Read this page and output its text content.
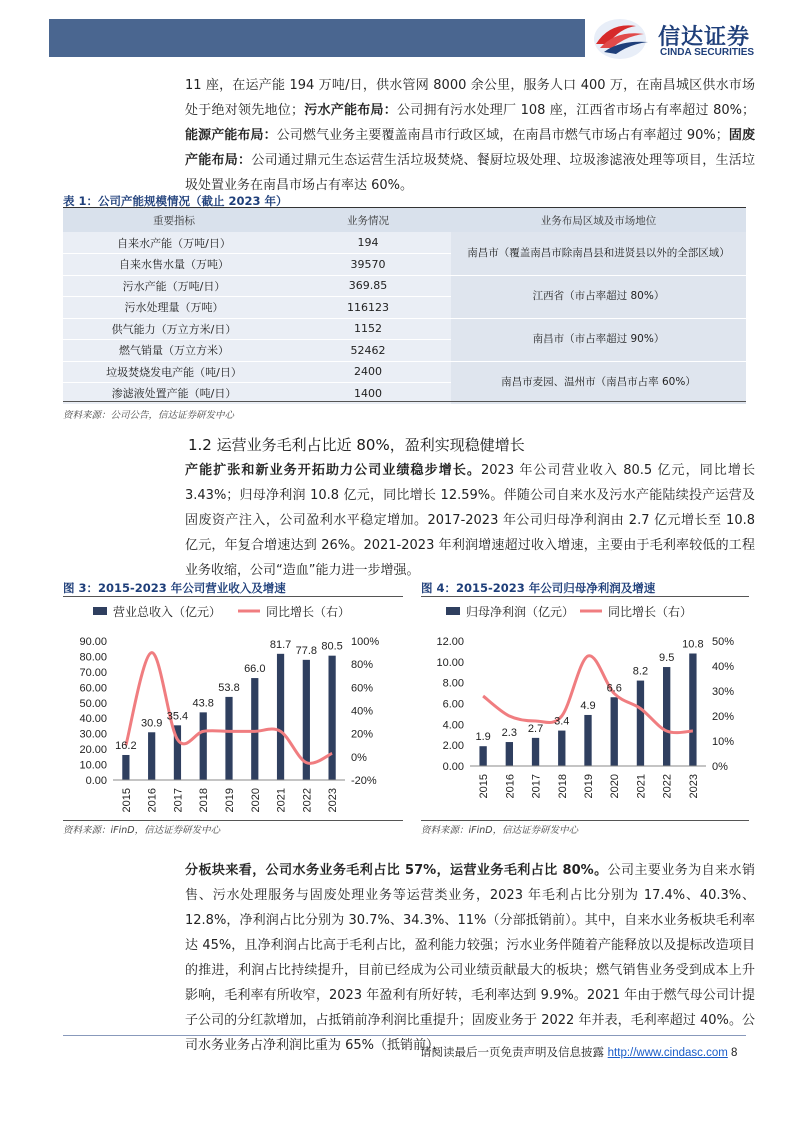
信达证券
CINDA SECURITIES
11 座，在运产能 194 万吨/日，供水管网 8000 余公里，服务人口 400 万，在南昌城区供水市场处于绝对领先地位；污水产能布局：公司拥有污水处理厂 108 座，江西省市场占有率超过 80%；能源产能布局：公司燃气业务主要覆盖南昌市行政区域，在南昌市燃气市场占有率超过 90%；固废产能布局：公司通过鼎元生态运营生活垃圾焚烧、餐厨垃圾处理、垃圾渗滤液处理等项目，生活垃圾处置业务在南昌市场占有率达 60%。
表 1：公司产能规模情况（截止 2023 年）
重要指标	业务情况	业务布局区域及市场地位
自来水产能（万吨/日）	194	南昌市（覆盖南昌市除南昌县和进贤县以外的全部区域）
自来水售水量（万吨）	39570	
污水产能（万吨/日）	369.85	江西省（市占率超过 80%）
污水处理量（万吨）	116123	
供气能力（万立方米/日）	1152	南昌市（市占率超过 90%）
燃气销量（万立方米）	52462	
垃圾焚烧发电产能（吨/日）	2400	南昌市麦园、温州市（南昌市占率 60%）
渗滤液处置产能（吨/日）	1400	
资料来源：公司公告，信达证券研发中心
1.2 运营业务毛利占比近 80%，盈利实现稳健增长
产能扩张和新业务开拓助力公司业绩稳步增长。2023 年公司营业收入 80.5 亿元，同比增长 3.43%；归母净利润 10.8 亿元，同比增长 12.59%。伴随公司自来水及污水产能陆续投产运营及固废资产注入，公司盈利水平稳定增加。2017-2023 年公司归母净利润由 2.7 亿元增长至 10.8 亿元，年复合增速达到 26%。2021-2023 年利润增速超过收入增速，主要由于毛利率较低的工程业务收缩，公司“造血”能力进一步增强。
图 3：2015-2023 年公司营业收入及增速	图 4：2015-2023 年公司归母净利润及增速
营业总收入（亿元）	同比增长（右）
0.00
10.00
20.00
30.00
40.00
50.00
60.00
70.00
80.00
90.00
-20%
0%
20%
40%
60%
80%
100%
16.2
30.9
35.4
43.8
53.8
66.0
81.7
77.8 80.5
2015 2016 2017 2018 2019 2020 2021 2022 2023
归母净利润（亿元）	同比增长（右）
0.00
2.00
4.00
6.00
8.00
10.00
12.00
0%
10%
20%
30%
40%
50%
1.9 2.3 2.7
3.4
4.9
6.6
8.2
9.5
10.8
2015 2016 2017 2018 2019 2020 2021 2022 2023
资料来源：iFinD，信达证券研发中心	资料来源：iFinD，信达证券研发中心
分板块来看，公司水务业务毛利占比 57%，运营业务毛利占比 80%。公司主要业务为自来水销售、污水处理服务与固废处理业务等运营类业务，2023 年毛利占比分别为 17.4%、40.3%、12.8%，净利润占比分别为 30.7%、34.3%、11%（分部抵销前）。其中，自来水业务板块毛利率达 45%，且净利润占比高于毛利占比，盈利能力较强；污水业务伴随着产能释放以及提标改造项目的推进，利润占比持续提升，目前已经成为公司业绩贡献最大的板块；燃气销售业务受到成本上升影响，毛利率有所收窄，2023 年盈利有所好转，毛利率达到 9.9%。2021 年由于燃气母公司计提子公司的分红款增加，占抵销前净利润比重提升；固废业务于 2022 年并表，毛利率超过 40%。公司水务业务占净利润比重为 65%（抵销前），
请阅读最后一页免责声明及信息披露 http://www.cindasc.com 8
